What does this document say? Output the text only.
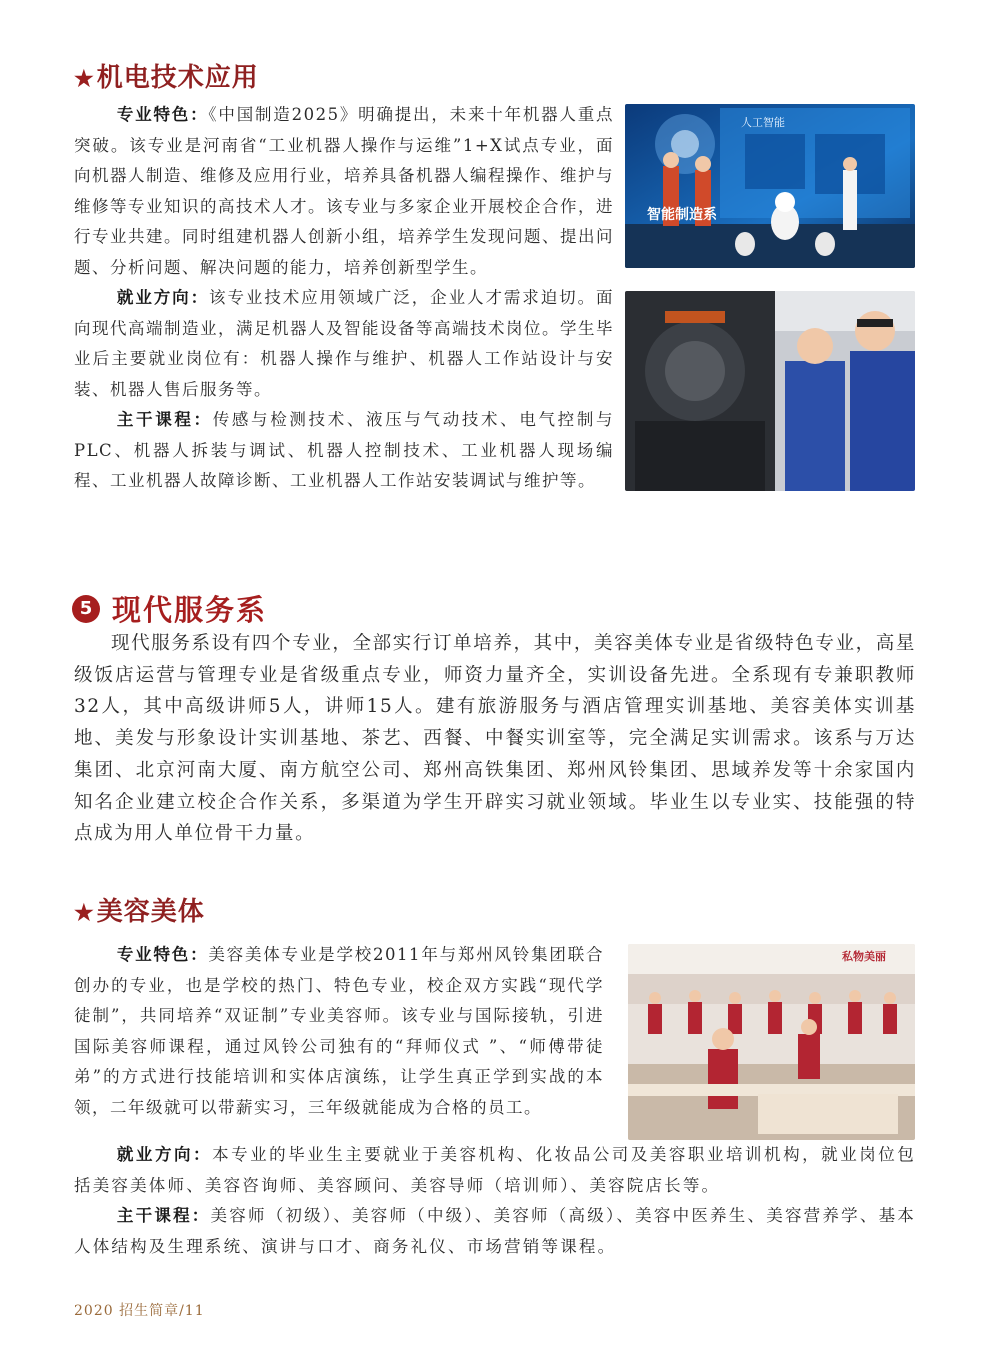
★机电技术应用

专业特色：《中国制造2025》明确提出，未来十年机器人重点突破。该专业是河南省“工业机器人操作与运维”1+X试点专业，面向机器人制造、维修及应用行业，培养具备机器人编程操作、维护与维修等专业知识的高技术人才。该专业与多家企业开展校企合作，进行专业共建。同时组建机器人创新小组，培养学生发现问题、提出问题、分析问题、解决问题的能力，培养创新型学生。

就业方向：该专业技术应用领域广泛，企业人才需求迫切。面向现代高端制造业，满足机器人及智能设备等高端技术岗位。学生毕业后主要就业岗位有：机器人操作与维护、机器人工作站设计与安装、机器人售后服务等。

主干课程：传感与检测技术、液压与气动技术、电气控制与PLC、机器人拆装与调试、机器人控制技术、工业机器人现场编程、工业机器人故障诊断、工业机器人工作站安装调试与维护等。

人工智能
智能制造系
5 现代服务系

现代服务系设有四个专业，全部实行订单培养，其中，美容美体专业是省级特色专业，高星级饭店运营与管理专业是省级重点专业，师资力量齐全，实训设备先进。全系现有专兼职教师32人，其中高级讲师5人，讲师15人。建有旅游服务与酒店管理实训基地、美容美体实训基地、美发与形象设计实训基地、茶艺、西餐、中餐实训室等，完全满足实训需求。该系与万达集团、北京河南大厦、南方航空公司、郑州高铁集团、郑州风铃集团、思域养发等十余家国内知名企业建立校企合作关系，多渠道为学生开辟实习就业领域。毕业生以专业实、技能强的特点成为用人单位骨干力量。

★美容美体

专业特色：美容美体专业是学校2011年与郑州风铃集团联合创办的专业，也是学校的热门、特色专业，校企双方实践“现代学徒制”，共同培养“双证制”专业美容师。该专业与国际接轨，引进国际美容师课程，通过风铃公司独有的“拜师仪式 ”、“师傅带徒弟”的方式进行技能培训和实体店演练，让学生真正学到实战的本领，二年级就可以带薪实习，三年级就能成为合格的员工。

就业方向：本专业的毕业生主要就业于美容机构、化妆品公司及美容职业培训机构，就业岗位包括美容美体师、美容咨询师、美容顾问、美容导师（培训师）、美容院店长等。

主干课程：美容师（初级）、美容师（中级）、美容师（高级）、美容中医养生、美容营养学、基本人体结构及生理系统、演讲与口才、商务礼仪、市场营销等课程。

私物美丽
2020 招生简章/11
